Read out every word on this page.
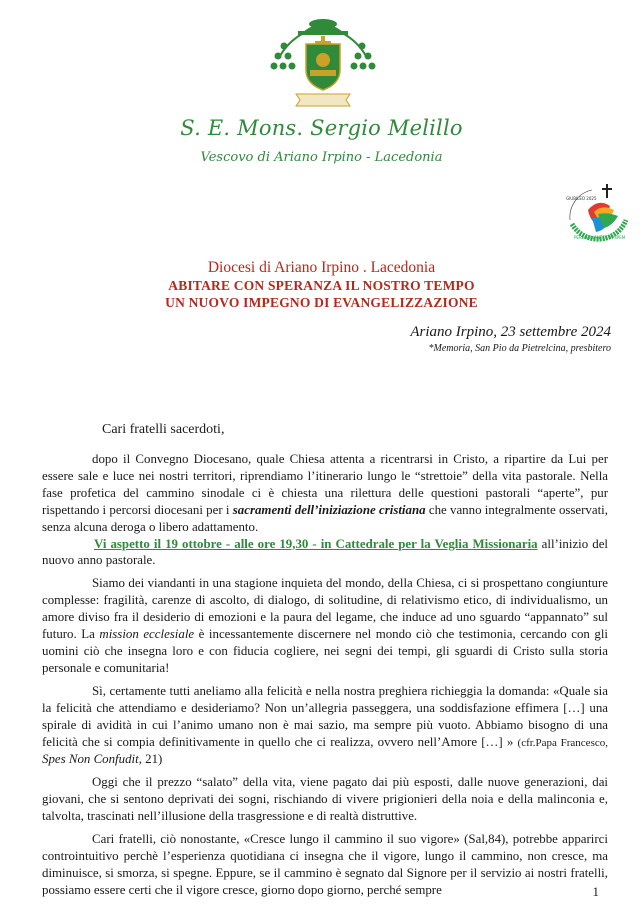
S. E. Mons. Sergio Melillo
Vescovo di Ariano Irpino - Lacedonia
GIUBILEO 2025
PEREGRINANTES IN SPEM
Diocesi di Ariano Irpino . Lacedonia
ABITARE CON SPERANZA IL NOSTRO TEMPO
UN NUOVO IMPEGNO DI EVANGELIZZAZIONE
Ariano Irpino, 23 settembre 2024
*Memoria, San Pio da Pietrelcina, presbitero
Cari fratelli sacerdoti,

dopo il Convegno Diocesano, quale Chiesa attenta a ricentrarsi in Cristo, a ripartire da Lui per essere sale e luce nei nostri territori, riprendiamo l’itinerario lungo le “strettoie” della vita pastorale. Nella fase profetica del cammino sinodale ci è chiesta una rilettura delle questioni pastorali “aperte”, pur rispettando i percorsi diocesani per i sacramenti dell’iniziazione cristiana che vanno integralmente osservati, senza alcuna deroga o libero adattamento.

Vi aspetto il 19 ottobre - alle ore 19,30 - in Cattedrale per la Veglia Missionaria all’inizio del nuovo anno pastorale.

Siamo dei viandanti in una stagione inquieta del mondo, della Chiesa, ci si prospettano congiunture complesse: fragilità, carenze di ascolto, di dialogo, di solitudine, di relativismo etico, di individualismo, un amore diviso fra il desiderio di emozioni e la paura del legame, che induce ad uno sguardo “appannato” sul futuro. La mission ecclesiale è incessantemente discernere nel mondo ciò che testimonia, cercando con gli uomini ciò che insegna loro e con fiducia cogliere, nei segni dei tempi, gli sguardi di Cristo sulla storia personale e comunitaria!

Sì, certamente tutti aneliamo alla felicità e nella nostra preghiera richieggia la domanda: «Quale sia la felicità che attendiamo e desideriamo? Non un’allegria passeggera, una soddisfazione effimera […] una spirale di avidità in cui l’animo umano non è mai sazio, ma sempre più vuoto. Abbiamo bisogno di una felicità che si compia definitivamente in quello che ci realizza, ovvero nell’Amore […] » (cfr.Papa Francesco, Spes Non Confudit, 21)

Oggi che il prezzo “salato” della vita, viene pagato dai più esposti, dalle nuove generazioni, dai giovani, che si sentono deprivati dei sogni, rischiando di vivere prigionieri della noia e della malinconia e, talvolta, trascinati nell’illusione della trasgressione e di realtà distruttive.

Cari fratelli, ciò nonostante, «Cresce lungo il cammino il suo vigore» (Sal,84), potrebbe apparirci controintuitivo perchè l’esperienza quotidiana ci insegna che il vigore, lungo il cammino, non cresce, ma diminuisce, si smorza, si spegne. Eppure, se il cammino è segnato dal Signore per il servizio ai nostri fratelli, possiamo essere certi che il vigore cresce, giorno dopo giorno, perché sempre	1
